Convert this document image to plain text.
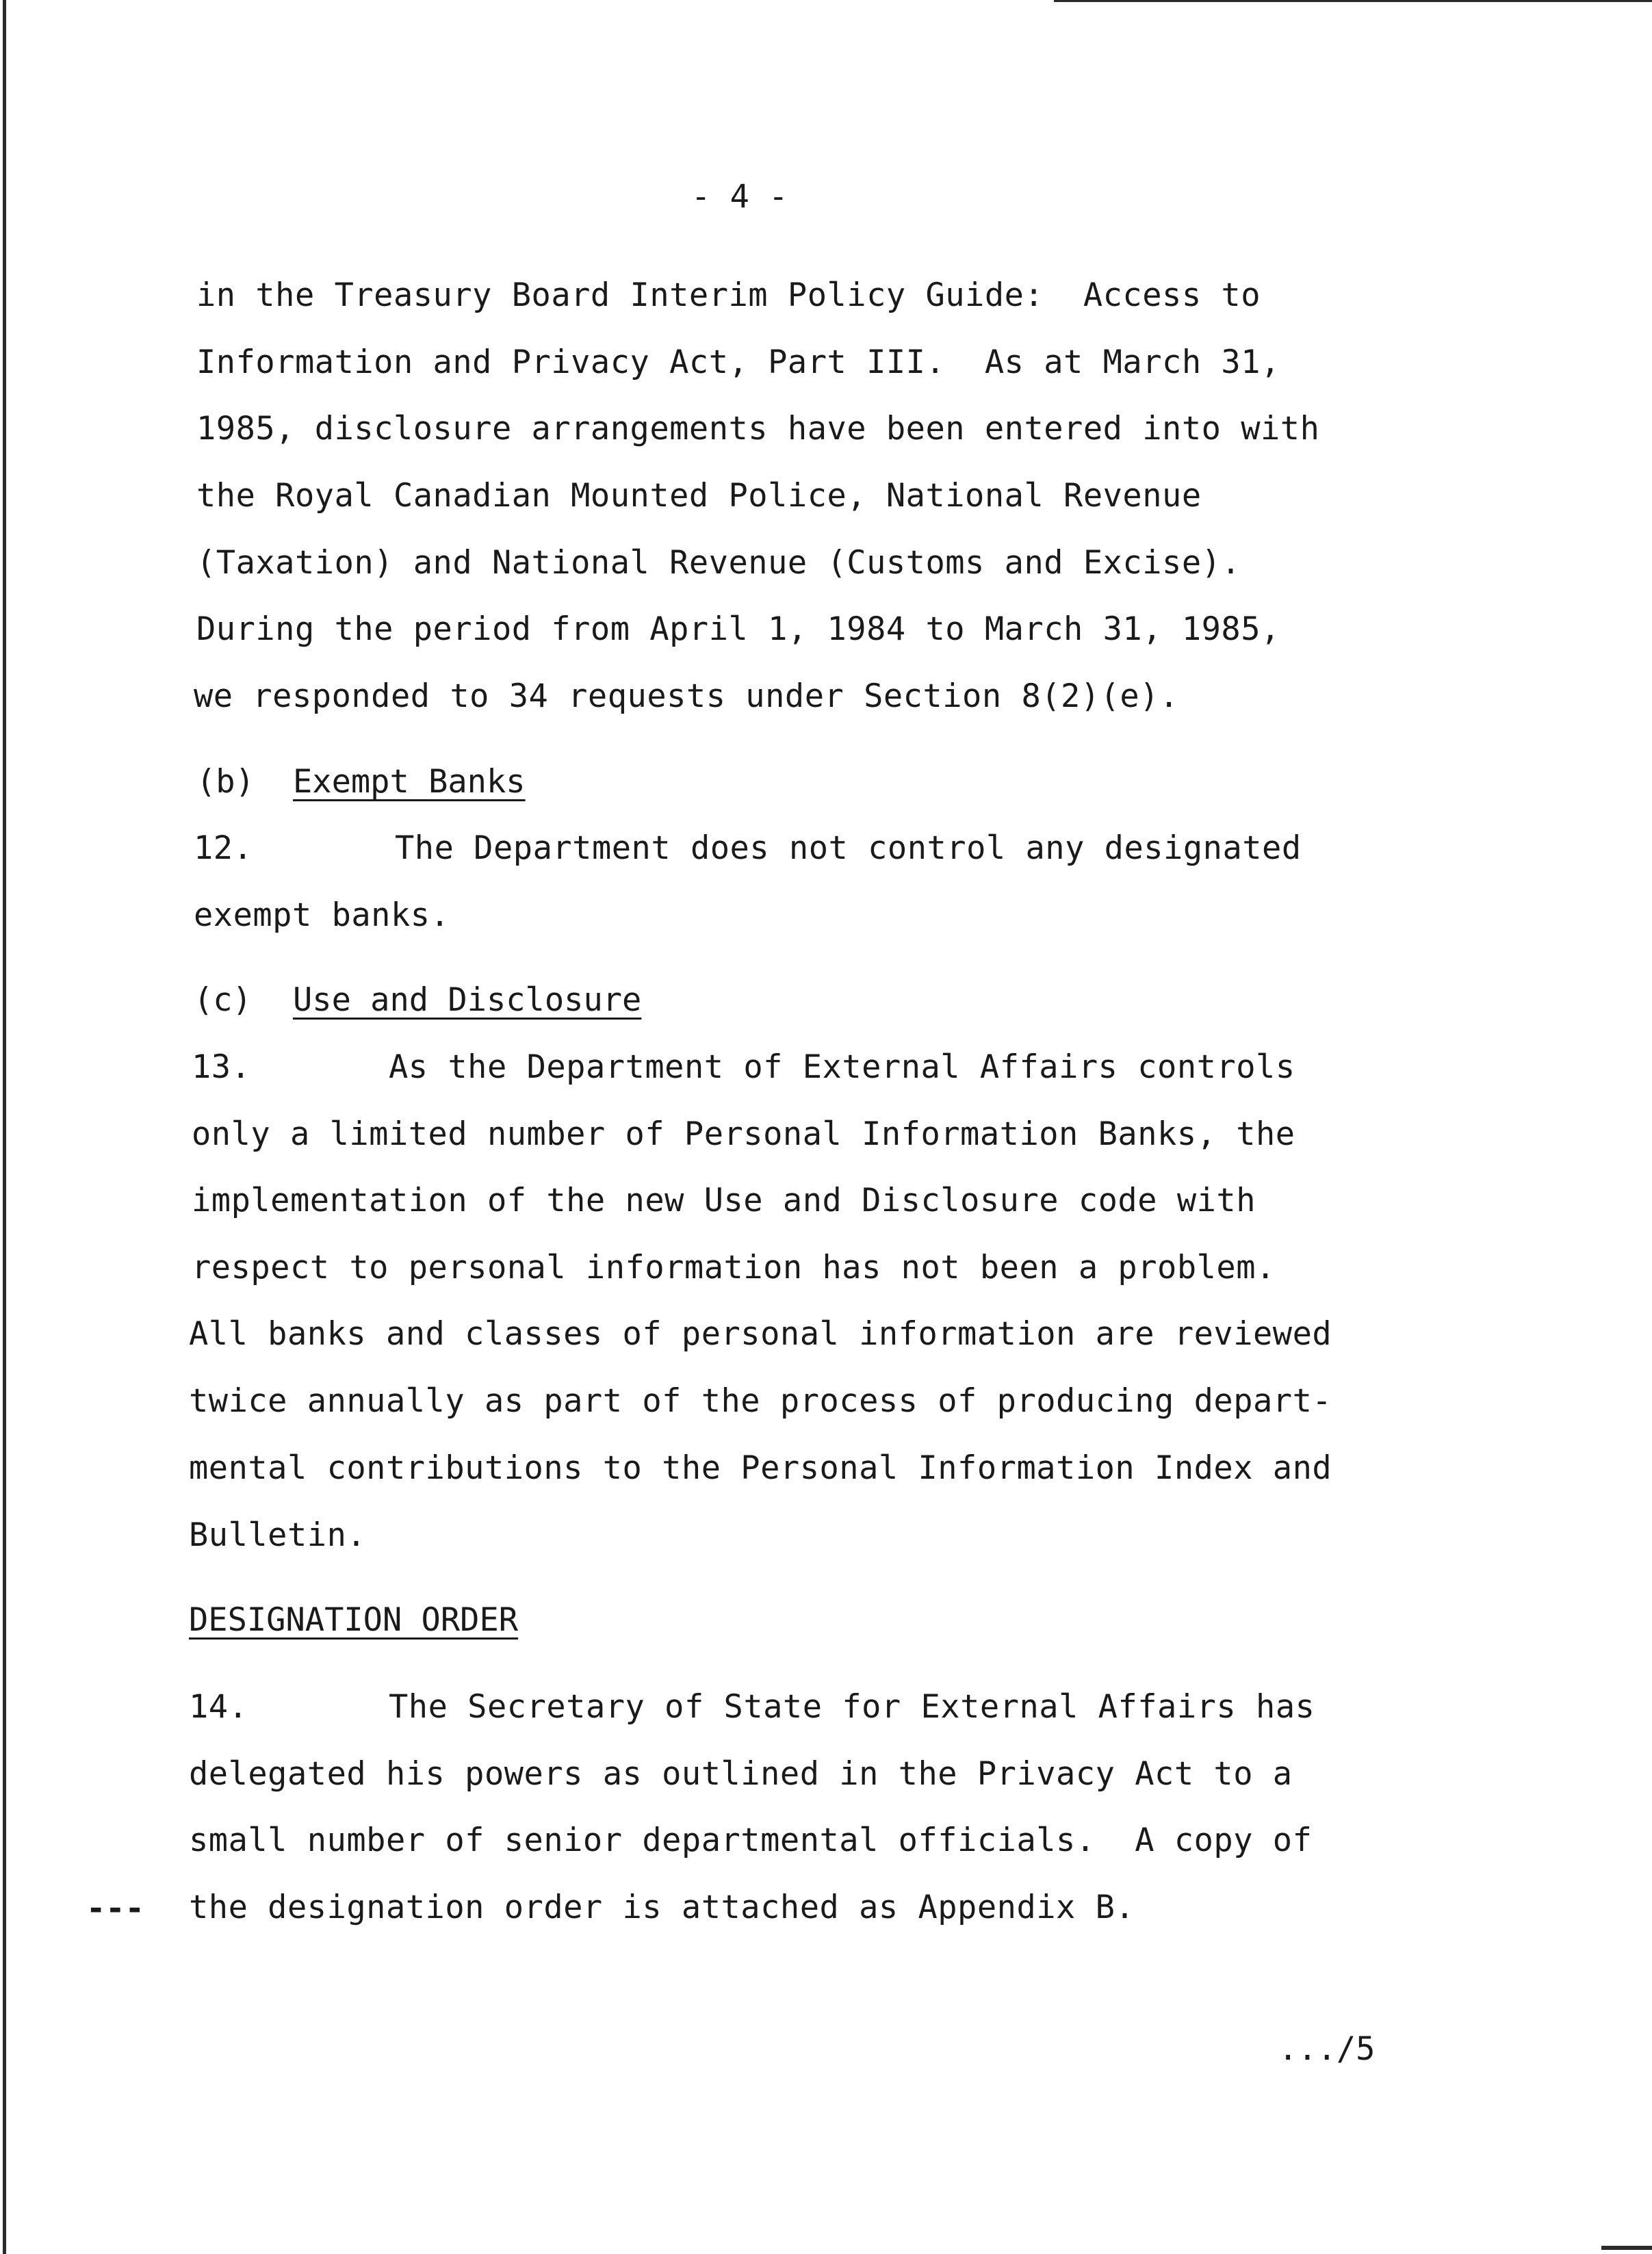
- 4 -
in the Treasury Board Interim Policy Guide:  Access to
Information and Privacy Act, Part III.  As at March 31,
1985, disclosure arrangements have been entered into with
the Royal Canadian Mounted Police, National Revenue
(Taxation) and National Revenue (Customs and Excise).
During the period from April 1, 1984 to March 31, 1985,
we responded to 34 requests under Section 8(2)(e).
(b) Exempt Banks
12.	The Department does not control any designated
exempt banks.
(c) Use and Disclosure
13.	As the Department of External Affairs controls
only a limited number of Personal Information Banks, the
implementation of the new Use and Disclosure code with
respect to personal information has not been a problem.
All banks and classes of personal information are reviewed
twice annually as part of the process of producing depart-
mental contributions to the Personal Information Index and
Bulletin.
DESIGNATION ORDER
14.	The Secretary of State for External Affairs has
delegated his powers as outlined in the Privacy Act to a
small number of senior departmental officials.  A copy of
the designation order is attached as Appendix B.
---
.../5
